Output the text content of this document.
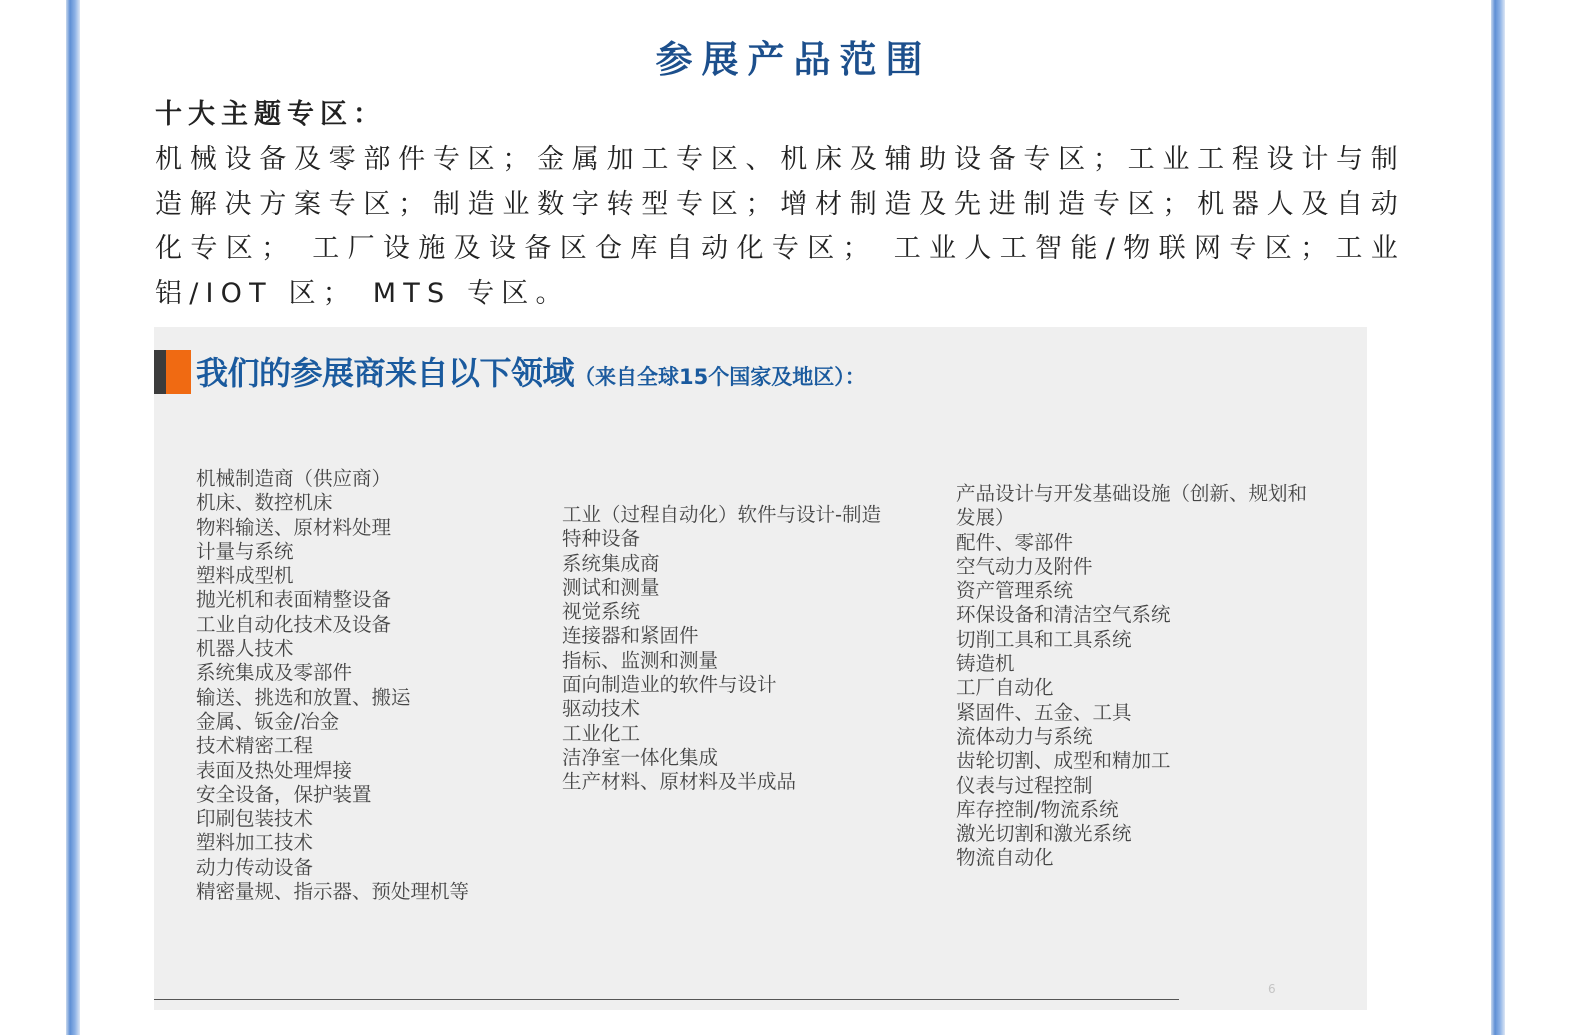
参展产品范围
十大主题专区：
机械设备及零部件专区；金属加工专区、机床及辅助设备专区；工业工程设计与制造解决方案专区；制造业数字转型专区；增材制造及先进制造专区；机器人及自动化专区； 工厂设施及设备区仓库自动化专区； 工业人工智能/物联网专区；工业铝/IOT 区； MTS 专区。
我们的参展商来自以下领域（来自全球15个国家及地区）：
机械制造商（供应商）
机床、数控机床
物料输送、原材料处理
计量与系统
塑料成型机
抛光机和表面精整设备
工业自动化技术及设备
机器人技术
系统集成及零部件
输送、挑选和放置、搬运
金属、钣金/冶金
技术精密工程
表面及热处理焊接
安全设备，保护装置
印刷包装技术
塑料加工技术
动力传动设备
精密量规、指示器、预处理机等
工业（过程自动化）软件与设计-制造
特种设备
系统集成商
测试和测量
视觉系统
连接器和紧固件
指标、监测和测量
面向制造业的软件与设计
驱动技术
工业化工
洁净室一体化集成
生产材料、原材料及半成品
产品设计与开发基础设施（创新、规划和发展）
配件、零部件
空气动力及附件
资产管理系统
环保设备和清洁空气系统
切削工具和工具系统
铸造机
工厂自动化
紧固件、五金、工具
流体动力与系统
齿轮切割、成型和精加工
仪表与过程控制
库存控制/物流系统
激光切割和激光系统
物流自动化
6
